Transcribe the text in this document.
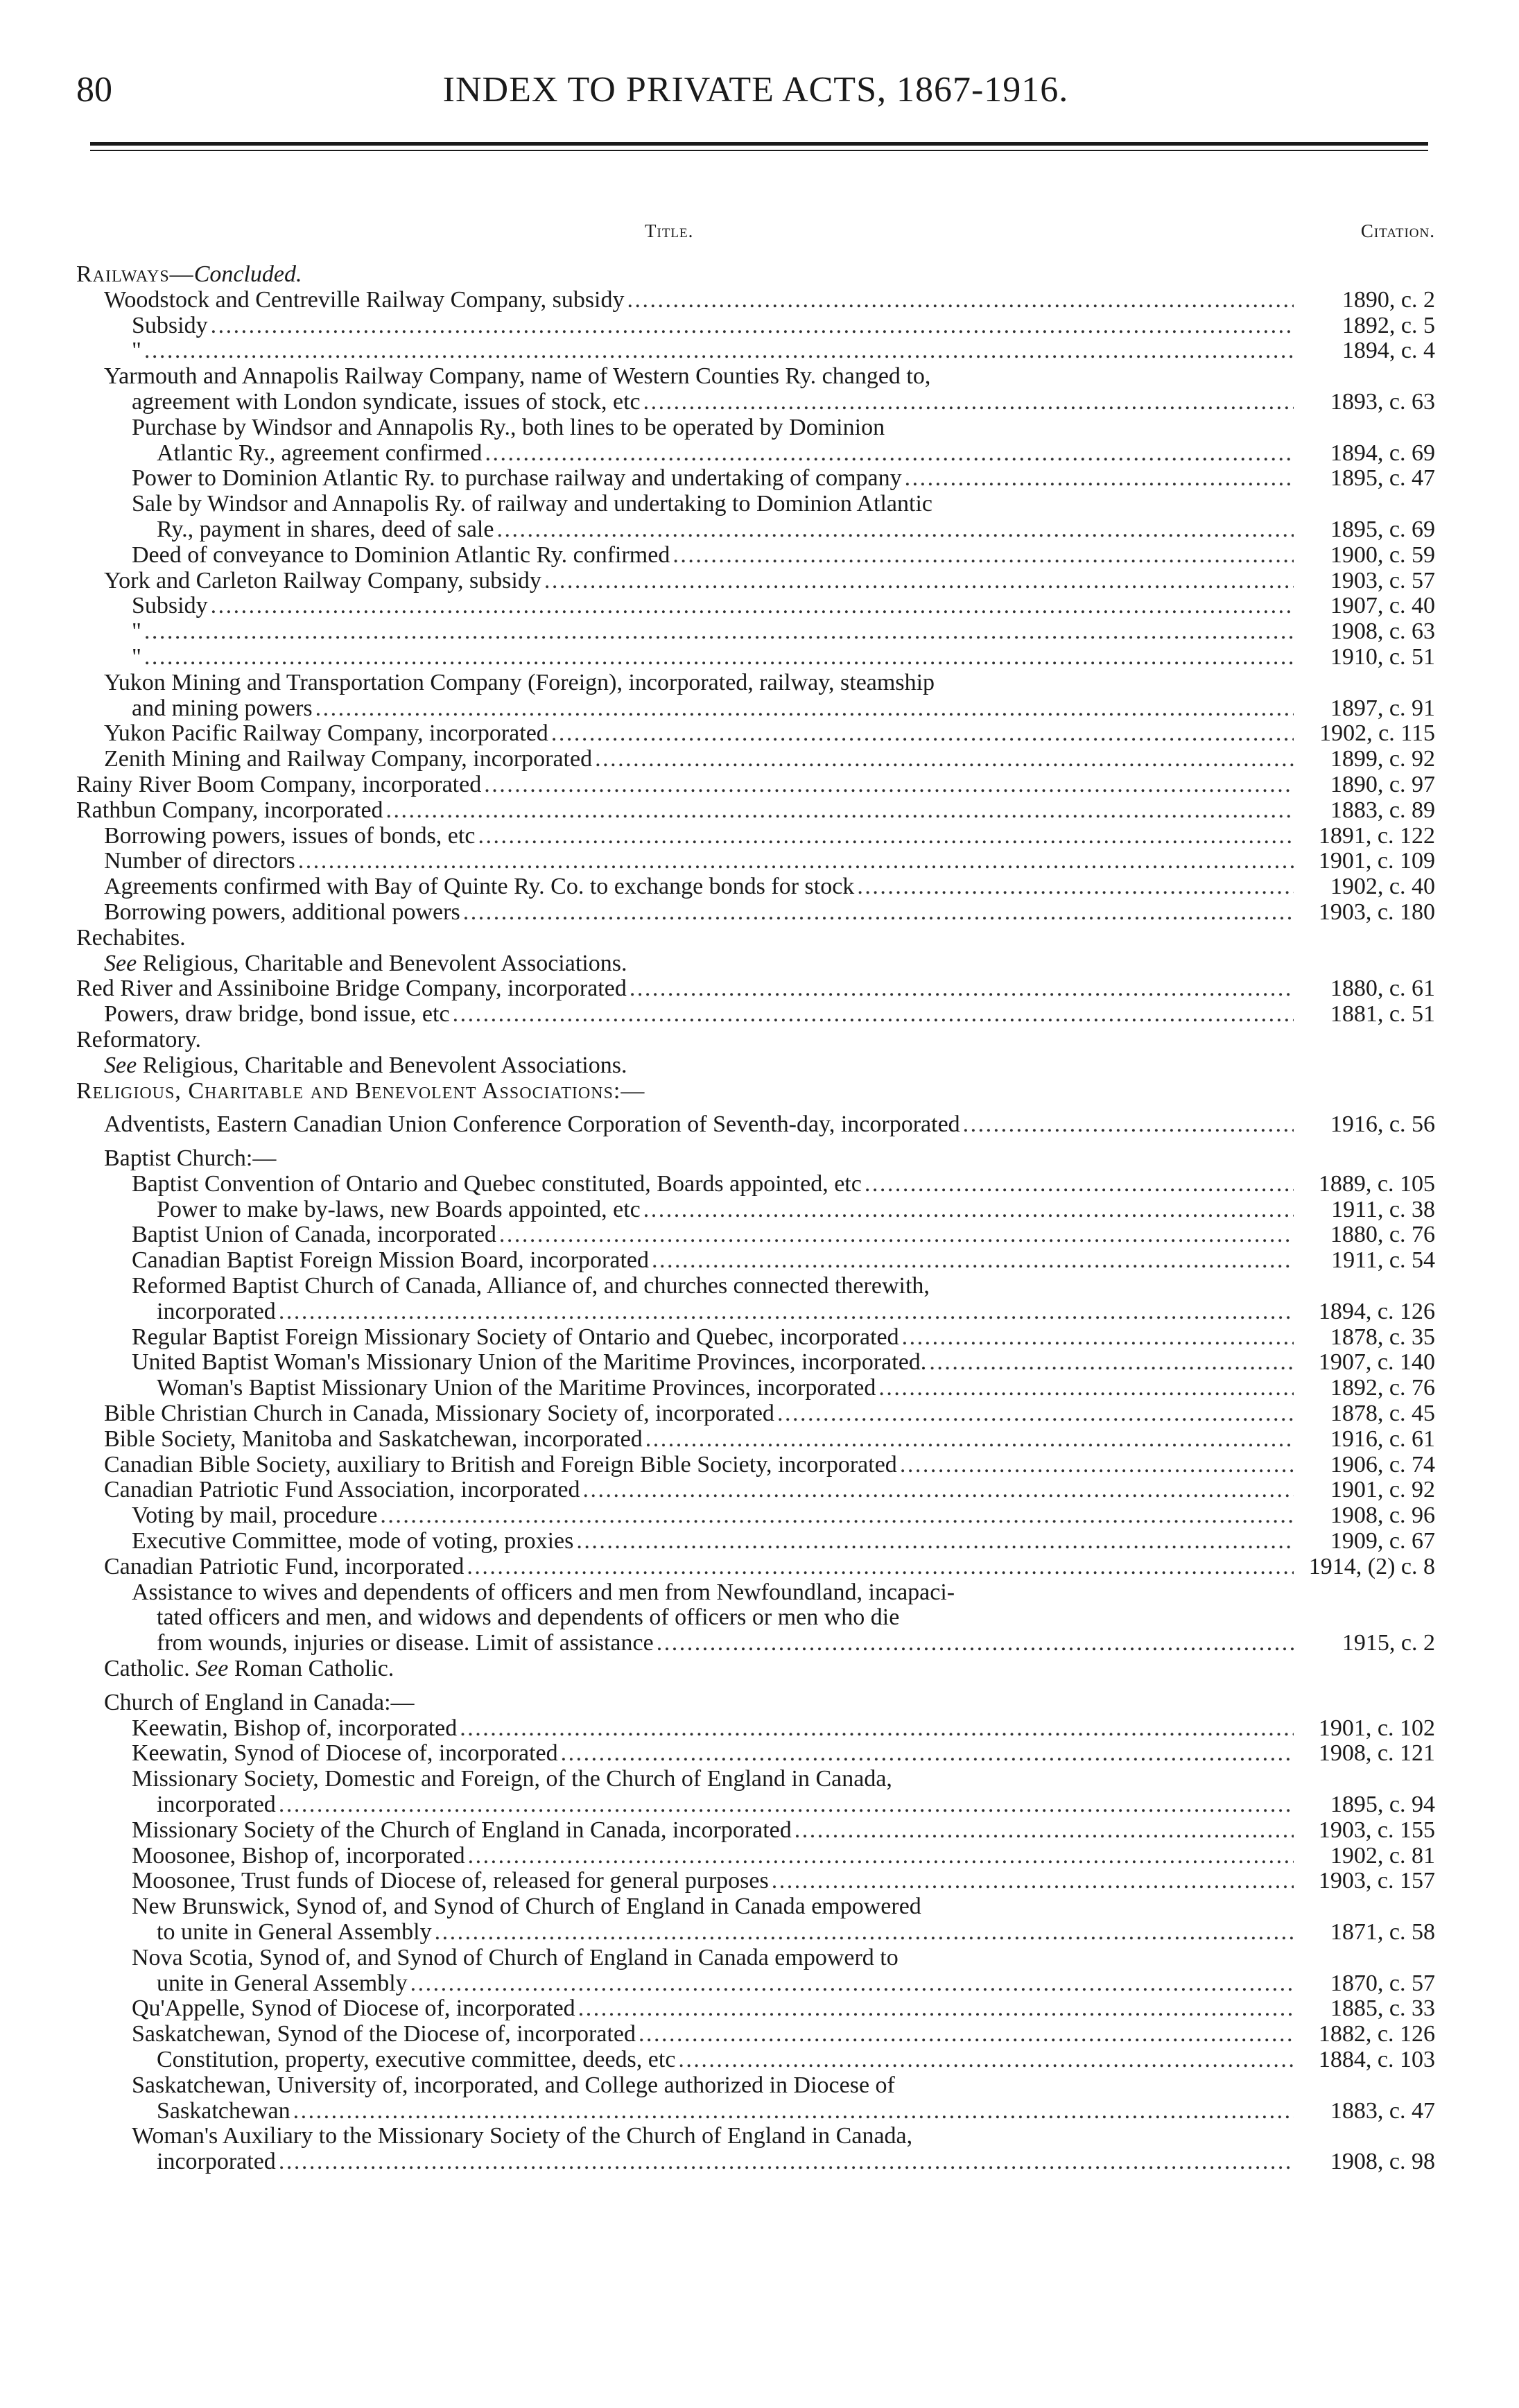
80	INDEX TO PRIVATE ACTS, 1867-1916.
Title.	Citation.
Railways—Concluded.
Woodstock and Centreville Railway Company, subsidy . . .	1890, c. 2
Subsidy . . .	1892, c. 5
" . . .	1894, c. 4
Yarmouth and Annapolis Railway Company, name of Western Counties Ry. changed to,
agreement with London syndicate, issues of stock, etc . . .	1893, c. 63
Purchase by Windsor and Annapolis Ry., both lines to be operated by Dominion
Atlantic Ry., agreement confirmed . . .	1894, c. 69
Power to Dominion Atlantic Ry. to purchase railway and undertaking of company . . .	1895, c. 47
Sale by Windsor and Annapolis Ry. of railway and undertaking to Dominion Atlantic
Ry., payment in shares, deed of sale . . .	1895, c. 69
Deed of conveyance to Dominion Atlantic Ry. confirmed . . .	1900, c. 59
York and Carleton Railway Company, subsidy . . .	1903, c. 57
Subsidy . . .	1907, c. 40
" . . .	1908, c. 63
" . . .	1910, c. 51
Yukon Mining and Transportation Company (Foreign), incorporated, railway, steamship
and mining powers . . .	1897, c. 91
Yukon Pacific Railway Company, incorporated . . .	1902, c. 115
Zenith Mining and Railway Company, incorporated . . .	1899, c. 92
Rainy River Boom Company, incorporated . . .	1890, c. 97
Rathbun Company, incorporated . . .	1883, c. 89
Borrowing powers, issues of bonds, etc . . .	1891, c. 122
Number of directors . . .	1901, c. 109
Agreements confirmed with Bay of Quinte Ry. Co. to exchange bonds for stock . . .	1902, c. 40
Borrowing powers, additional powers . . .	1903, c. 180
Rechabites.
See Religious, Charitable and Benevolent Associations.
Red River and Assiniboine Bridge Company, incorporated . . .	1880, c. 61
Powers, draw bridge, bond issue, etc . . .	1881, c. 51
Reformatory.
See Religious, Charitable and Benevolent Associations.
Religious, Charitable and Benevolent Associations:—
Adventists, Eastern Canadian Union Conference Corporation of Seventh-day, incorporated . . .	1916, c. 56
Baptist Church:—
Baptist Convention of Ontario and Quebec constituted, Boards appointed, etc . . .	1889, c. 105
Power to make by-laws, new Boards appointed, etc . . .	1911, c. 38
Baptist Union of Canada, incorporated . . .	1880, c. 76
Canadian Baptist Foreign Mission Board, incorporated . . .	1911, c. 54
Reformed Baptist Church of Canada, Alliance of, and churches connected therewith,
incorporated . . .	1894, c. 126
Regular Baptist Foreign Missionary Society of Ontario and Quebec, incorporated . . .	1878, c. 35
United Baptist Woman's Missionary Union of the Maritime Provinces, incorporated. . . .	1907, c. 140
Woman's Baptist Missionary Union of the Maritime Provinces, incorporated . . .	1892, c. 76
Bible Christian Church in Canada, Missionary Society of, incorporated . . .	1878, c. 45
Bible Society, Manitoba and Saskatchewan, incorporated . . .	1916, c. 61
Canadian Bible Society, auxiliary to British and Foreign Bible Society, incorporated . . .	1906, c. 74
Canadian Patriotic Fund Association, incorporated . . .	1901, c. 92
Voting by mail, procedure . . .	1908, c. 96
Executive Committee, mode of voting, proxies . . .	1909, c. 67
Canadian Patriotic Fund, incorporated . . .	1914, (2) c. 8
Assistance to wives and dependents of officers and men from Newfoundland, incapaci-
tated officers and men, and widows and dependents of officers or men who die
from wounds, injuries or disease. Limit of assistance . . .	1915, c. 2
Catholic. See Roman Catholic.
Church of England in Canada:—
Keewatin, Bishop of, incorporated . . .	1901, c. 102
Keewatin, Synod of Diocese of, incorporated . . .	1908, c. 121
Missionary Society, Domestic and Foreign, of the Church of England in Canada,
incorporated . . .	1895, c. 94
Missionary Society of the Church of England in Canada, incorporated . . .	1903, c. 155
Moosonee, Bishop of, incorporated . . .	1902, c. 81
Moosonee, Trust funds of Diocese of, released for general purposes . . .	1903, c. 157
New Brunswick, Synod of, and Synod of Church of England in Canada empowered
to unite in General Assembly . . .	1871, c. 58
Nova Scotia, Synod of, and Synod of Church of England in Canada empowerd to
unite in General Assembly . . .	1870, c. 57
Qu'Appelle, Synod of Diocese of, incorporated . . .	1885, c. 33
Saskatchewan, Synod of the Diocese of, incorporated . . .	1882, c. 126
Constitution, property, executive committee, deeds, etc . . .	1884, c. 103
Saskatchewan, University of, incorporated, and College authorized in Diocese of
Saskatchewan . . .	1883, c. 47
Woman's Auxiliary to the Missionary Society of the Church of England in Canada,
incorporated . . .	1908, c. 98
